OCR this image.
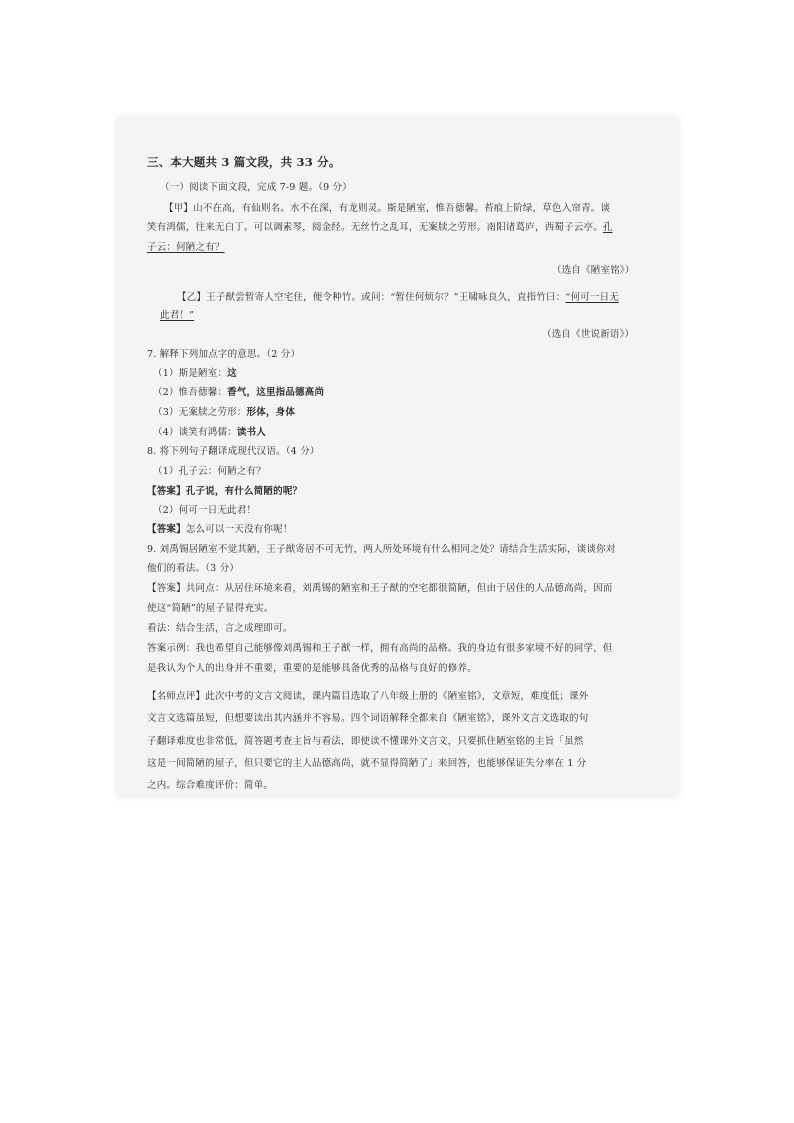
三、本大题共 3 篇文段，共 33 分。
（一）阅读下面文段，完成 7-9 题。（9 分）
【甲】山不在高，有仙则名。水不在深，有龙则灵。斯是陋室，惟吾德馨。苔痕上阶绿，草色入帘青。谈
笑有鸿儒，往来无白丁。可以调素琴，阅金经。无丝竹之乱耳，无案牍之劳形。南阳诸葛庐，西蜀子云亭。孔
子云：何陋之有？
（选自《陋室铭》）
【乙】王子猷尝暂寄人空宅住，便令种竹。或问：“暂住何烦尔？”王啸咏良久，直指竹曰：“何可一日无
此君！”
（选自《世说新语》）
7. 解释下列加点字的意思。（2 分）
（1）斯是陋室：这
（2）惟吾德馨：香气，这里指品德高尚
（3）无案牍之劳形：形体，身体
（4）谈笑有鸿儒：读书人
8. 将下列句子翻译成现代汉语。（4 分）
（1）孔子云：何陋之有？
【答案】孔子说，有什么简陋的呢？
（2）何可一日无此君！
【答案】怎么可以一天没有你呢！
9. 刘禹锡居陋室不觉其陋，王子猷寄居不可无竹，两人所处环境有什么相同之处？请结合生活实际，谈谈你对
他们的看法。（3 分）
【答案】共同点：从居住环境来看，刘禹锡的陋室和王子猷的空宅都很简陋，但由于居住的人品德高尚，因而
使这“简陋”的屋子显得充实。
看法：结合生活，言之成理即可。
答案示例：我也希望自己能够像刘禹锡和王子猷一样，拥有高尚的品格。我的身边有很多家境不好的同学，但
是我认为个人的出身并不重要，重要的是能够具备优秀的品格与良好的修养。
【名师点评】此次中考的文言文阅读，课内篇目选取了八年级上册的《陋室铭》，文章短，难度低；课外
文言文选篇虽短，但想要读出其内涵并不容易。四个词语解释全都来自《陋室铭》，课外文言文选取的句
子翻译难度也非常低，简答题考查主旨与看法，即使读不懂课外文言文，只要抓住陋室铭的主旨「虽然
这是一间简陋的屋子，但只要它的主人品德高尚，就不显得简陋了」来回答，也能够保证失分率在 1 分
之内。综合难度评价：简单。
